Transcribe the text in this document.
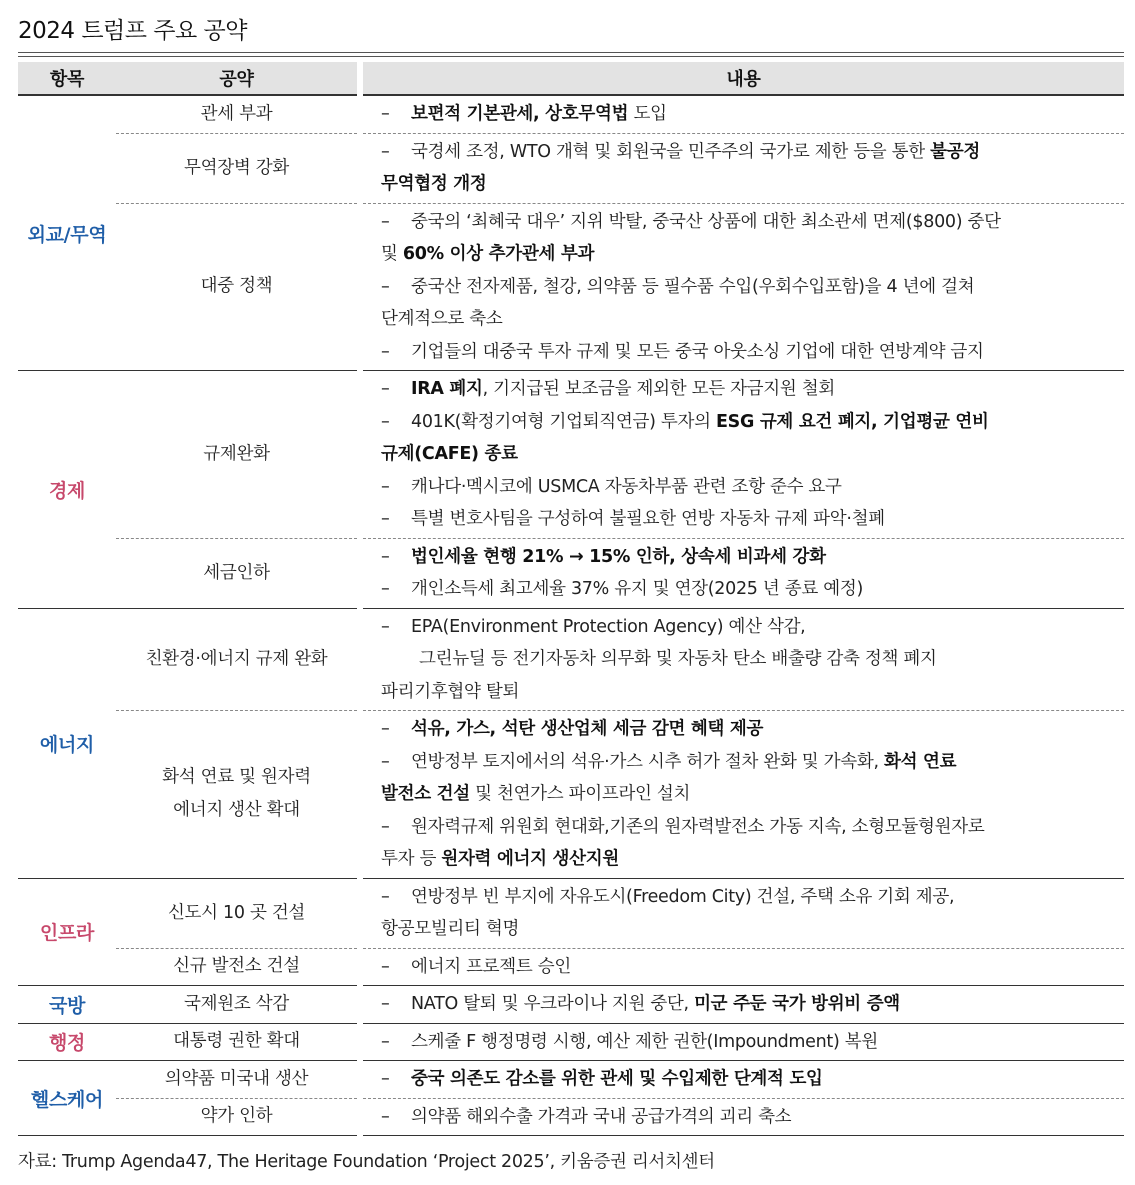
2024 트럼프 주요 공약
항목	공약	내용
외교/무역	관세 부과	– 보편적 기본관세, 상호무역법 도입

	무역장벽 강화	– 국경세 조정, WTO 개혁 및 회원국을 민주주의 국가로 제한 등을 통한 불공정
무역협정 개정

	대중 정책	– 중국의 ‘최혜국 대우’ 지위 박탈, 중국산 상품에 대한 최소관세 면제($800) 중단
및 60% 이상 추가관세 부과
– 중국산 전자제품, 철강, 의약품 등 필수품 수입(우회수입포함)을 4 년에 걸쳐
단계적으로 축소
– 기업들의 대중국 투자 규제 및 모든 중국 아웃소싱 기업에 대한 연방계약 금지

경제	규제완화	– IRA 폐지, 기지급된 보조금을 제외한 모든 자금지원 철회
– 401K(확정기여형 기업퇴직연금) 투자의 ESG 규제 요건 폐지, 기업평균 연비
규제(CAFE) 종료
– 캐나다·멕시코에 USMCA 자동차부품 관련 조항 준수 요구
– 특별 변호사팀을 구성하여 불필요한 연방 자동차 규제 파악·철폐

	세금인하	– 법인세율 현행 21% → 15% 인하, 상속세 비과세 강화
– 개인소득세 최고세율 37% 유지 및 연장(2025 년 종료 예정)

에너지	친환경·에너지 규제 완화	– EPA(Environment Protection Agency) 예산 삭감,
그린뉴딜 등 전기자동차 의무화 및 자동차 탄소 배출량 감축 정책 폐지
파리기후협약 탈퇴

	화석 연료 및 원자력
에너지 생산 확대	– 석유, 가스, 석탄 생산업체 세금 감면 혜택 제공
– 연방정부 토지에서의 석유·가스 시추 허가 절차 완화 및 가속화, 화석 연료
발전소 건설 및 천연가스 파이프라인 설치
– 원자력규제 위원회 현대화,기존의 원자력발전소 가동 지속, 소형모듈형원자로
투자 등 원자력 에너지 생산지원

인프라	신도시 10 곳 건설	– 연방정부 빈 부지에 자유도시(Freedom City) 건설, 주택 소유 기회 제공,
항공모빌리티 혁명

	신규 발전소 건설	– 에너지 프로젝트 승인

국방	국제원조 삭감	– NATO 탈퇴 및 우크라이나 지원 중단, 미군 주둔 국가 방위비 증액

행정	대통령 권한 확대	– 스케줄 F 행정명령 시행, 예산 제한 권한(Impoundment) 복원

헬스케어	의약품 미국내 생산	– 중국 의존도 감소를 위한 관세 및 수입제한 단계적 도입

	약가 인하	– 의약품 해외수출 가격과 국내 공급가격의 괴리 축소
자료: Trump Agenda47, The Heritage Foundation ‘Project 2025’, 키움증권 리서치센터
